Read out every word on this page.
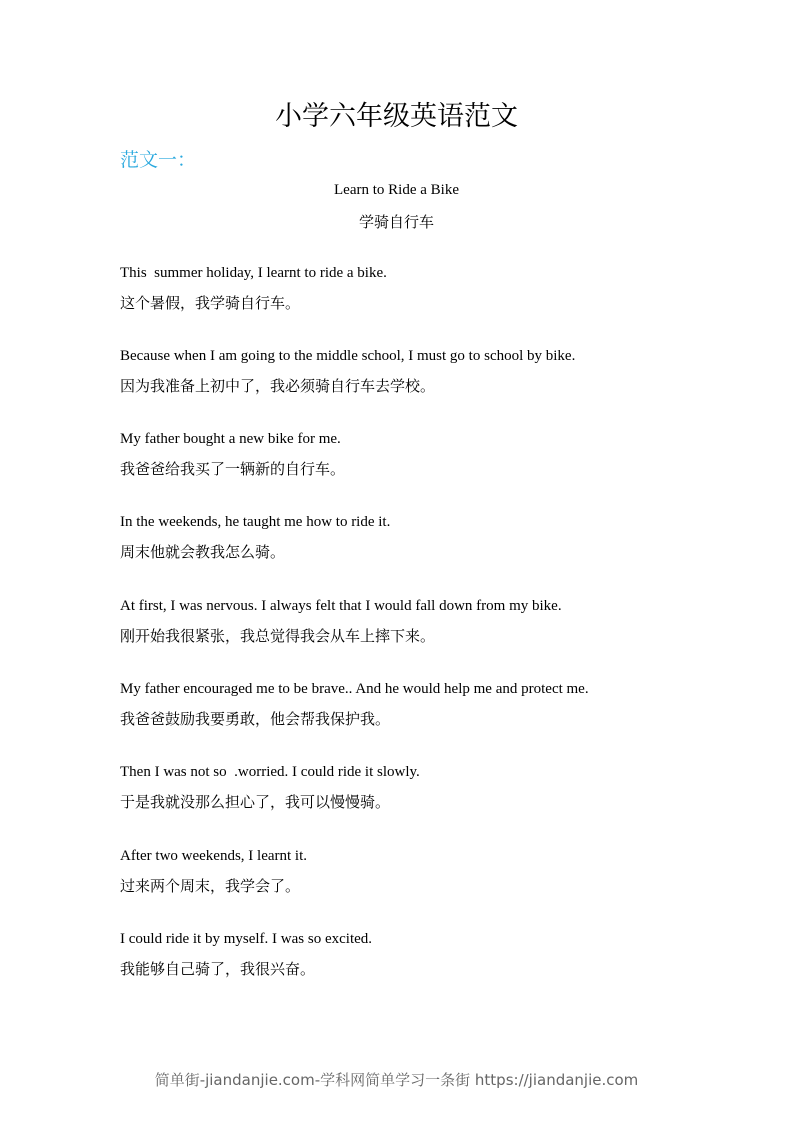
小学六年级英语范文
范文一：
Learn to Ride a Bike
学骑自行车
This  summer holiday, I learnt to ride a bike.
这个暑假，我学骑自行车。
Because when I am going to the middle school, I must go to school by bike.
因为我准备上初中了，我必须骑自行车去学校。
My father bought a new bike for me.
我爸爸给我买了一辆新的自行车。
In the weekends, he taught me how to ride it.
周末他就会教我怎么骑。
At first, I was nervous. I always felt that I would fall down from my bike.
刚开始我很紧张，我总觉得我会从车上摔下来。
My father encouraged me to be brave.. And he would help me and protect me.
我爸爸鼓励我要勇敢，他会帮我保护我。
Then I was not so  .worried. I could ride it slowly.
于是我就没那么担心了，我可以慢慢骑。
After two weekends, I learnt it.
过来两个周末，我学会了。
I could ride it by myself. I was so excited.
我能够自己骑了，我很兴奋。
简单街-jiandanjie.com-学科网简单学习一条街 https://jiandanjie.com
